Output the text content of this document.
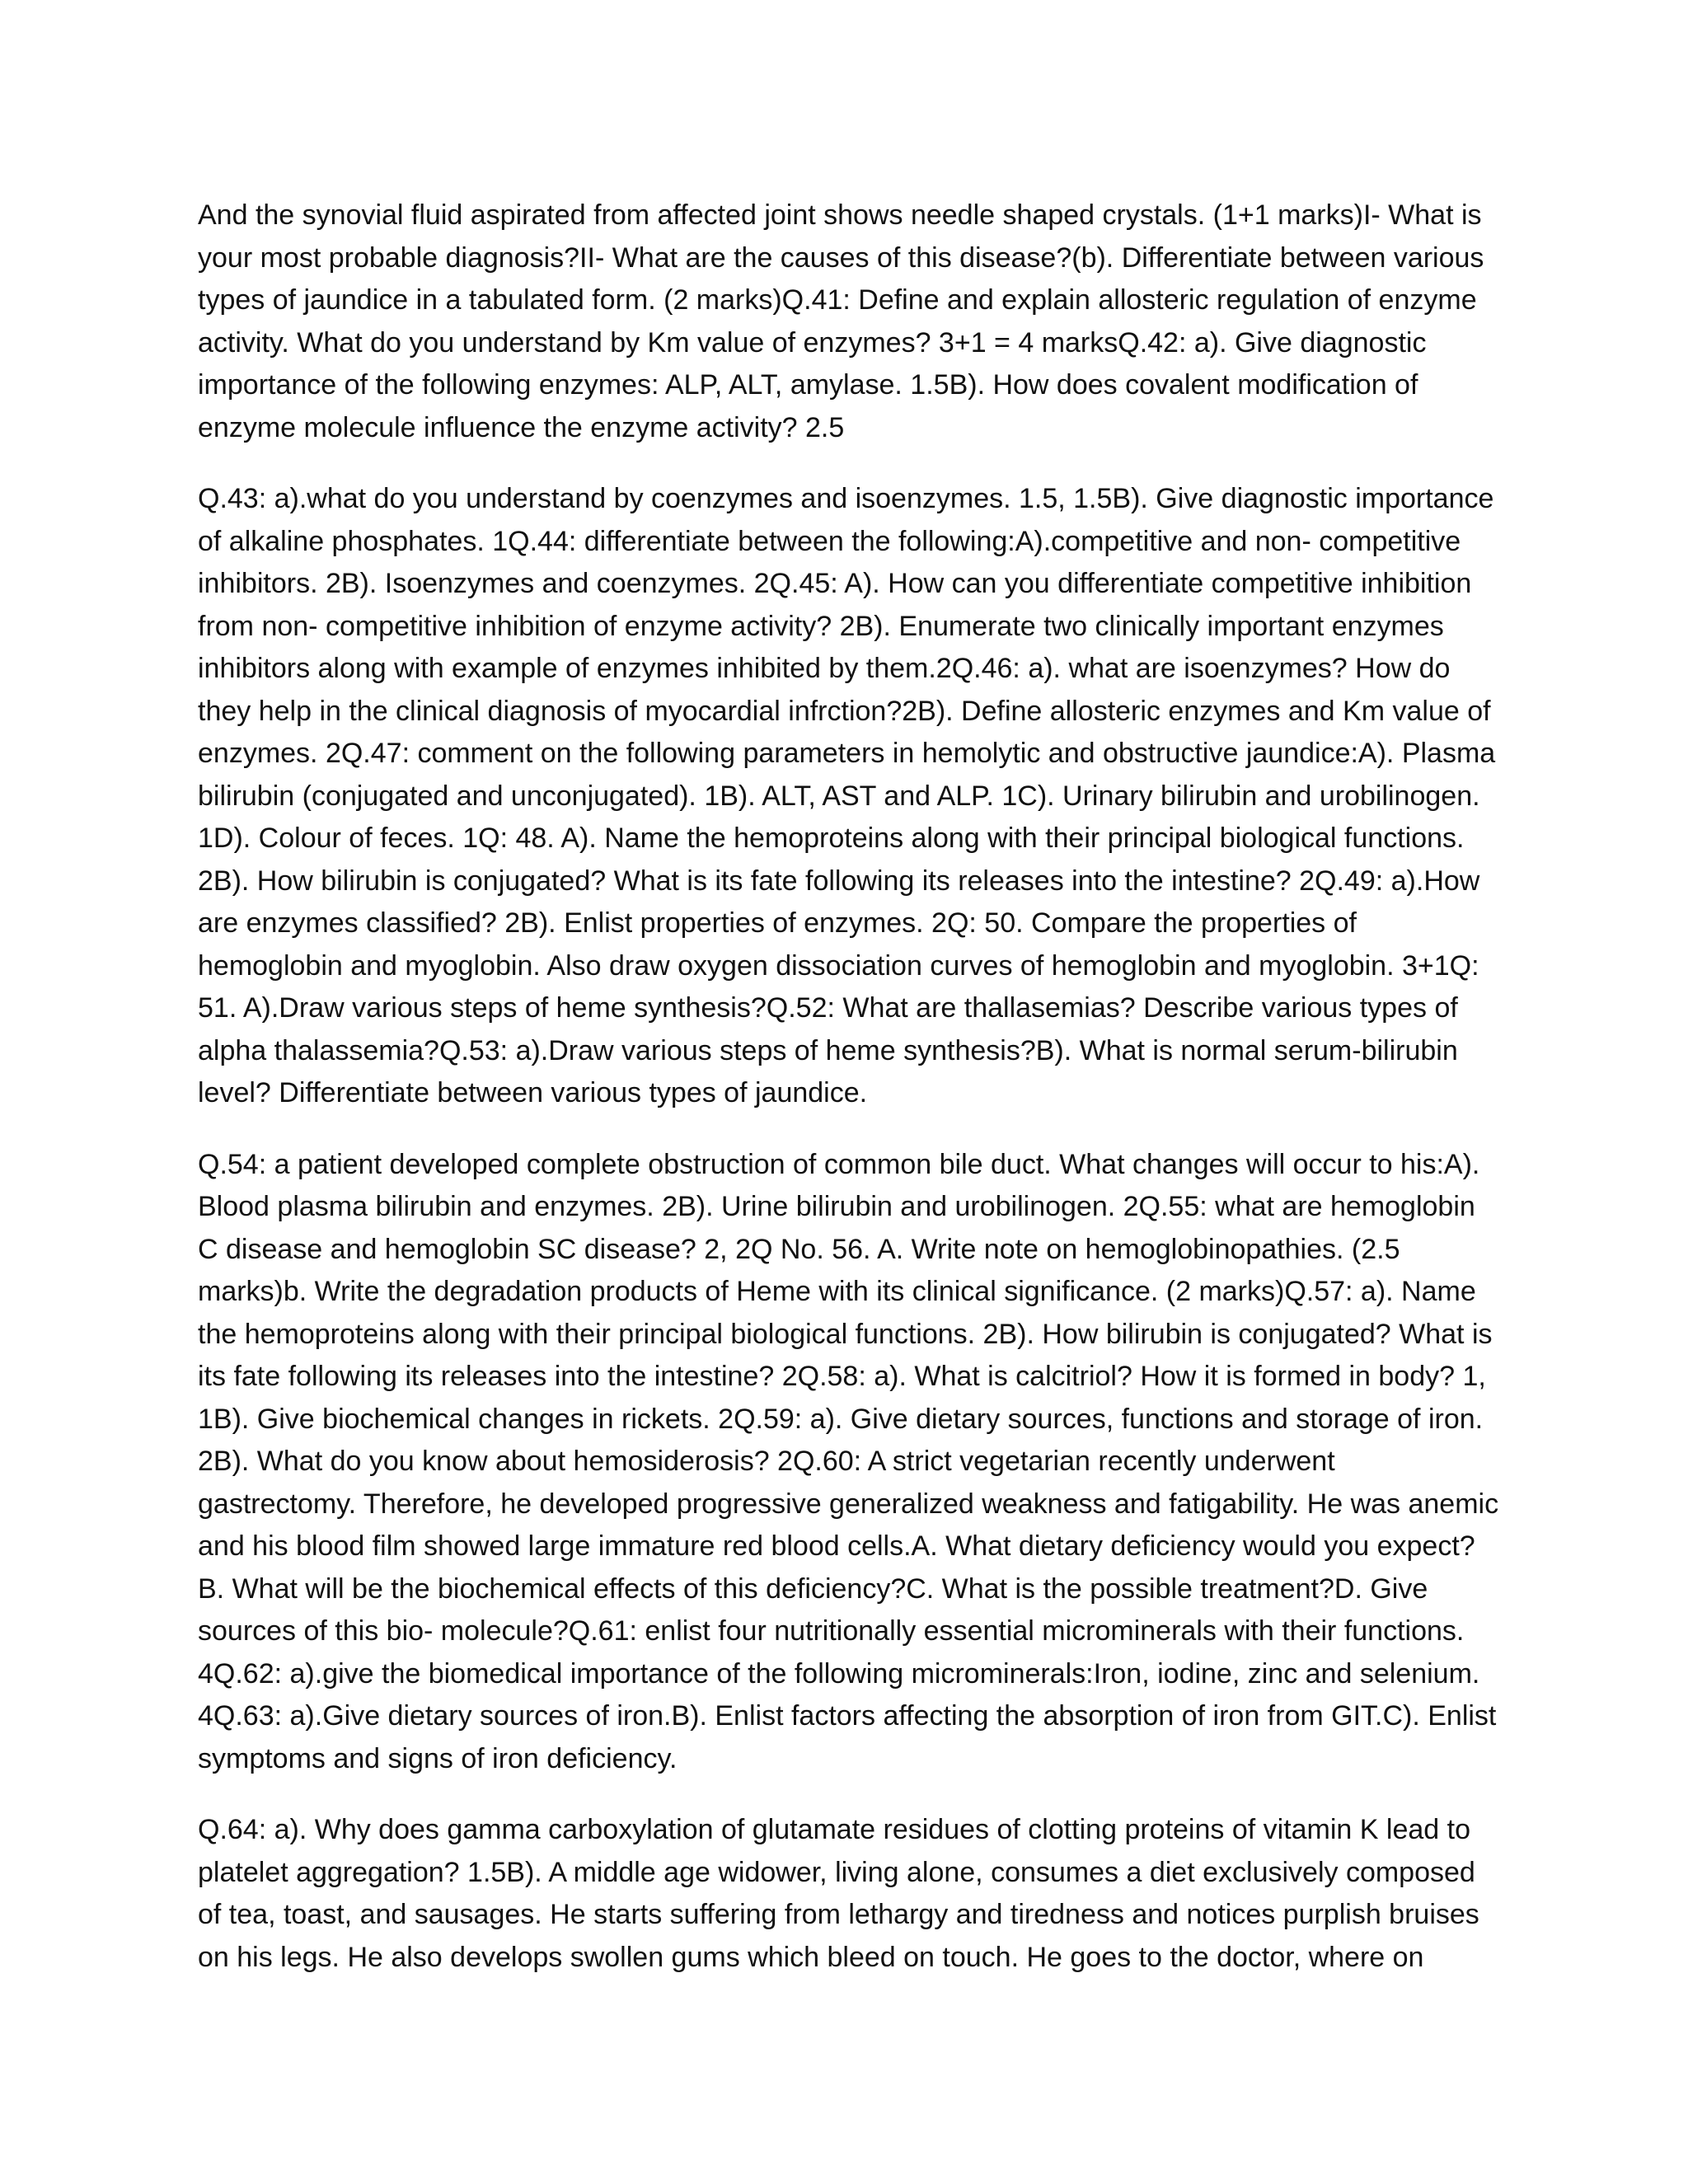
And the synovial fluid aspirated from affected joint shows needle shaped crystals. (1+1 marks)I- What is your most probable diagnosis?II- What are the causes of this disease?(b). Differentiate between various types of jaundice in a tabulated form. (2 marks)Q.41: Define and explain allosteric regulation of enzyme activity. What do you understand by Km value of enzymes? 3+1 = 4 marksQ.42: a). Give diagnostic importance of the following enzymes: ALP, ALT, amylase. 1.5B). How does covalent modification of enzyme molecule influence the enzyme activity? 2.5

Q.43: a).what do you understand by coenzymes and isoenzymes. 1.5, 1.5B). Give diagnostic importance of alkaline phosphates. 1Q.44: differentiate between the following:A).competitive and non- competitive inhibitors. 2B). Isoenzymes and coenzymes. 2Q.45: A). How can you differentiate competitive inhibition from non- competitive inhibition of enzyme activity? 2B). Enumerate two clinically important enzymes inhibitors along with example of enzymes inhibited by them.2Q.46: a). what are isoenzymes? How do they help in the clinical diagnosis of myocardial infrction?2B). Define allosteric enzymes and Km value of enzymes. 2Q.47: comment on the following parameters in hemolytic and obstructive jaundice:A). Plasma bilirubin (conjugated and unconjugated). 1B). ALT, AST and ALP. 1C). Urinary bilirubin and urobilinogen. 1D). Colour of feces. 1Q: 48. A). Name the hemoproteins along with their principal biological functions. 2B). How bilirubin is conjugated? What is its fate following its releases into the intestine? 2Q.49: a).How are enzymes classified? 2B). Enlist properties of enzymes. 2Q: 50. Compare the properties of hemoglobin and myoglobin. Also draw oxygen dissociation curves of hemoglobin and myoglobin. 3+1Q: 51. A).Draw various steps of heme synthesis?Q.52: What are thallasemias? Describe various types of alpha thalassemia?Q.53: a).Draw various steps of heme synthesis?B). What is normal serum-bilirubin level? Differentiate between various types of jaundice.

Q.54: a patient developed complete obstruction of common bile duct. What changes will occur to his:A). Blood plasma bilirubin and enzymes. 2B). Urine bilirubin and urobilinogen. 2Q.55: what are hemoglobin C disease and hemoglobin SC disease? 2, 2Q No. 56. A. Write note on hemoglobinopathies. (2.5 marks)b. Write the degradation products of Heme with its clinical significance. (2 marks)Q.57: a). Name the hemoproteins along with their principal biological functions. 2B). How bilirubin is conjugated? What is its fate following its releases into the intestine? 2Q.58: a). What is calcitriol? How it is formed in body? 1, 1B). Give biochemical changes in rickets. 2Q.59: a). Give dietary sources, functions and storage of iron. 2B). What do you know about hemosiderosis? 2Q.60: A strict vegetarian recently underwent gastrectomy. Therefore, he developed progressive generalized weakness and fatigability. He was anemic and his blood film showed large immature red blood cells.A. What dietary deficiency would you expect? B. What will be the biochemical effects of this deficiency?C. What is the possible treatment?D. Give sources of this bio- molecule?Q.61: enlist four nutritionally essential microminerals with their functions. 4Q.62: a).give the biomedical importance of the following microminerals:Iron, iodine, zinc and selenium. 4Q.63: a).Give dietary sources of iron.B). Enlist factors affecting the absorption of iron from GIT.C). Enlist symptoms and signs of iron deficiency.

Q.64: a). Why does gamma carboxylation of glutamate residues of clotting proteins of vitamin K lead to platelet aggregation? 1.5B). A middle age widower, living alone, consumes a diet exclusively composed of tea, toast, and sausages. He starts suffering from lethargy and tiredness and notices purplish bruises on his legs. He also develops swollen gums which bleed on touch. He goes to the doctor, where on
